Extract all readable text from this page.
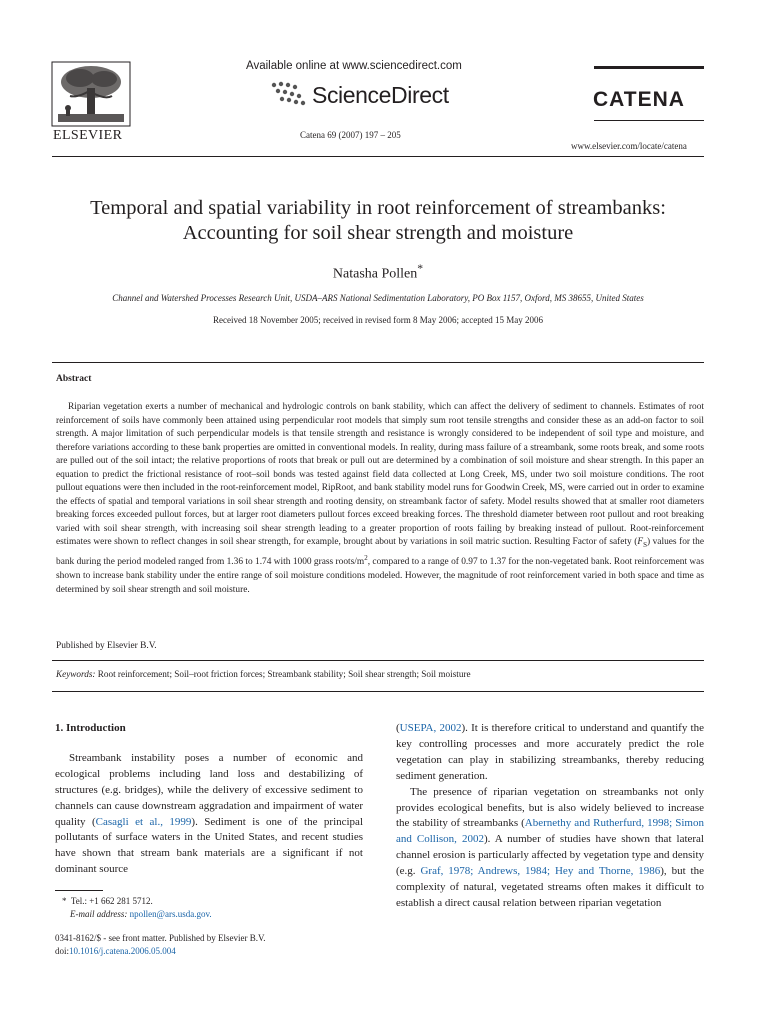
ELSEVIER
Available online at www.sciencedirect.com
ScienceDirect
Catena 69 (2007) 197 – 205
CATENA
www.elsevier.com/locate/catena
Temporal and spatial variability in root reinforcement of streambanks:
Accounting for soil shear strength and moisture
Natasha Pollen*
Channel and Watershed Processes Research Unit, USDA–ARS National Sedimentation Laboratory, PO Box 1157, Oxford, MS 38655, United States
Received 18 November 2005; received in revised form 8 May 2006; accepted 15 May 2006
Abstract

Riparian vegetation exerts a number of mechanical and hydrologic controls on bank stability, which can affect the delivery of sediment to channels. Estimates of root reinforcement of soils have commonly been attained using perpendicular root models that simply sum root tensile strengths and consider these as an add-on factor to soil strength. A major limitation of such perpendicular models is that tensile strength and resistance is wrongly considered to be independent of soil type and moisture, and therefore variations according to these bank properties are omitted in conventional models. In reality, during mass failure of a streambank, some roots break, and some roots are pulled out of the soil intact; the relative proportions of roots that break or pull out are determined by a combination of soil moisture and shear strength. In this paper an equation to predict the frictional resistance of root–soil bonds was tested against field data collected at Long Creek, MS, under two soil moisture conditions. The root pullout equations were then included in the root-reinforcement model, RipRoot, and bank stability model runs for Goodwin Creek, MS, were carried out in order to examine the effects of spatial and temporal variations in soil shear strength and rooting density, on streambank factor of safety. Model results showed that at smaller root diameters breaking forces exceeded pullout forces, but at larger root diameters pullout forces exceed breaking forces. The threshold diameter between root pullout and root breaking varied with soil shear strength, with increasing soil shear strength leading to a greater proportion of roots failing by breaking instead of pullout. Root-reinforcement estimates were shown to reflect changes in soil shear strength, for example, brought about by variations in soil matric suction. Resulting Factor of safety $(F_S)$ values for the bank during the period modeled ranged from 1.36 to 1.74 with 1000 grass roots/$m^2$, compared to a range of 0.97 to 1.37 for the non-vegetated bank. Root reinforcement was shown to increase bank stability under the entire range of soil moisture conditions modeled. However, the magnitude of root reinforcement varied in both space and time as determined by soil shear strength and soil moisture.

Published by Elsevier B.V.
Keywords: Root reinforcement; Soil–root friction forces; Streambank stability; Soil shear strength; Soil moisture

1. Introduction

Streambank instability poses a number of economic and ecological problems including land loss and destabilizing of structures (e.g. bridges), while the delivery of excessive sediment to channels can cause downstream aggradation and impairment of water quality (Casagli et al., 1999). Sediment is one of the principal pollutants of surface waters in the United States, and recent studies have shown that stream bank materials are a significant if not dominant source

* Tel.: +1 662 281 5712.
E-mail address: npollen@ars.usda.gov.
0341-8162/$ - see front matter. Published by Elsevier B.V.
doi:10.1016/j.catena.2006.05.004

(USEPA, 2002). It is therefore critical to understand and quantify the key controlling processes and more accurately predict the role vegetation can play in stabilizing streambanks, thereby reducing sediment generation.

The presence of riparian vegetation on streambanks not only provides ecological benefits, but is also widely believed to increase the stability of streambanks (Abernethy and Rutherfurd, 1998; Simon and Collison, 2002). A number of studies have shown that lateral channel erosion is particularly affected by vegetation type and density (e.g. Graf, 1978; Andrews, 1984; Hey and Thorne, 1986), but the complexity of natural, vegetated streams often makes it difficult to establish a direct causal relation between riparian vegetation
